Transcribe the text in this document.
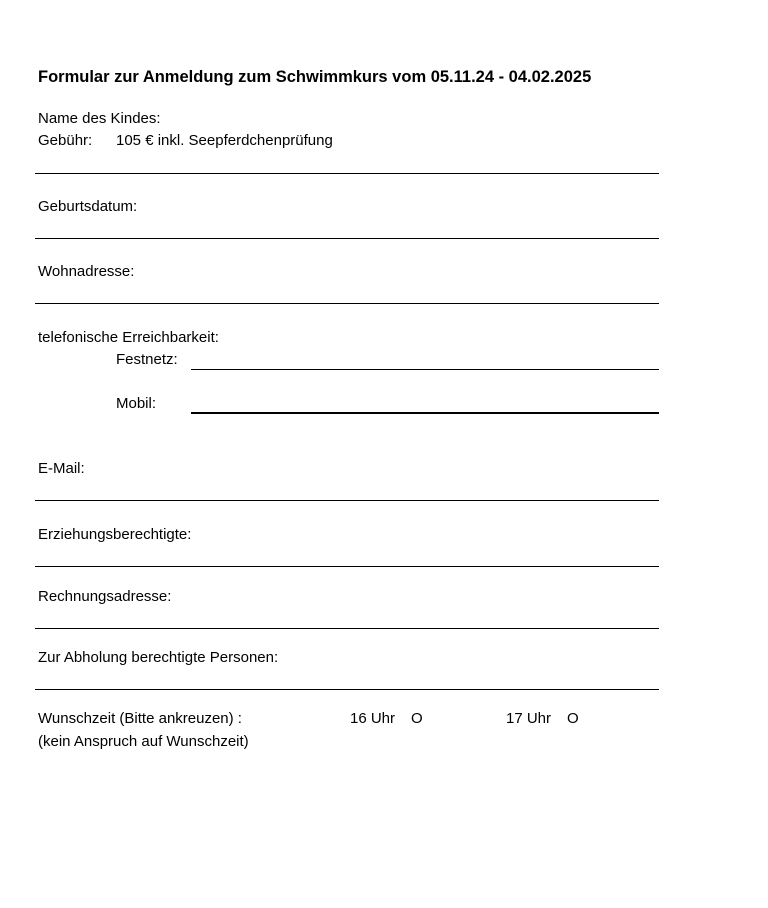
Formular zur Anmeldung zum Schwimmkurs vom 05.11.24 - 04.02.2025
Name des Kindes:
Gebühr: 105 € inkl. Seepferdchenprüfung
Geburtsdatum:
Wohnadresse:
telefonische Erreichbarkeit:
Festnetz:
Mobil:
E-Mail:
Erziehungsberechtigte:
Rechnungsadresse:
Zur Abholung berechtigte Personen:
Wunschzeit (Bitte ankreuzen) :
(kein Anspruch auf Wunschzeit)
16 Uhr O	17 Uhr O
